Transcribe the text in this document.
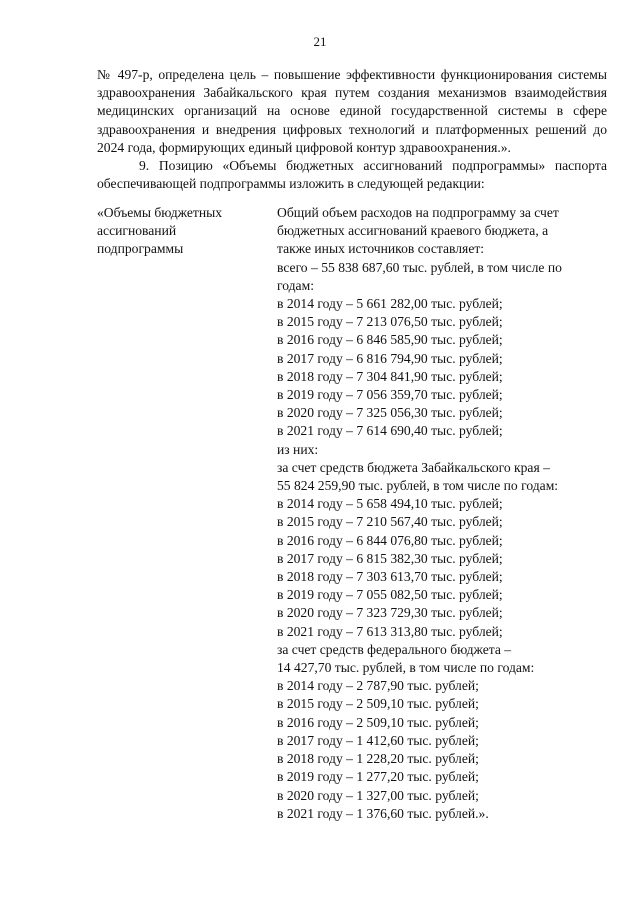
21

№ 497-р, определена цель – повышение эффективности функционирования системы здравоохранения Забайкальского края путем создания механизмов взаимодействия медицинских организаций на основе единой государственной системы в сфере здравоохранения и внедрения цифровых технологий и платформенных решений до 2024 года, формирующих единый цифровой контур здравоохранения.».

9. Позицию «Объемы бюджетных ассигнований подпрограммы» паспорта обеспечивающей подпрограммы изложить в следующей редакции:

«Объемы бюджетных
ассигнований
подпрограммы
Общий объем расходов на подпрограмму за счет
бюджетных ассигнований краевого бюджета, а
также иных источников составляет:
всего – 55 838 687,60 тыс. рублей, в том числе по
годам:
в 2014 году – 5 661 282,00 тыс. рублей;
в 2015 году – 7 213 076,50 тыс. рублей;
в 2016 году – 6 846 585,90 тыс. рублей;
в 2017 году – 6 816 794,90 тыс. рублей;
в 2018 году – 7 304 841,90 тыс. рублей;
в 2019 году – 7 056 359,70 тыс. рублей;
в 2020 году – 7 325 056,30 тыс. рублей;
в 2021 году – 7 614 690,40 тыс. рублей;
из них:
за счет средств бюджета Забайкальского края –
55 824 259,90 тыс. рублей, в том числе по годам:
в 2014 году – 5 658 494,10 тыс. рублей;
в 2015 году – 7 210 567,40 тыс. рублей;
в 2016 году – 6 844 076,80 тыс. рублей;
в 2017 году – 6 815 382,30 тыс. рублей;
в 2018 году – 7 303 613,70 тыс. рублей;
в 2019 году – 7 055 082,50 тыс. рублей;
в 2020 году – 7 323 729,30 тыс. рублей;
в 2021 году – 7 613 313,80 тыс. рублей;
за счет средств федерального бюджета –
14 427,70 тыс. рублей, в том числе по годам:
в 2014 году – 2 787,90 тыс. рублей;
в 2015 году – 2 509,10 тыс. рублей;
в 2016 году – 2 509,10 тыс. рублей;
в 2017 году – 1 412,60 тыс. рублей;
в 2018 году – 1 228,20 тыс. рублей;
в 2019 году – 1 277,20 тыс. рублей;
в 2020 году – 1 327,00 тыс. рублей;
в 2021 году – 1 376,60 тыс. рублей.».
